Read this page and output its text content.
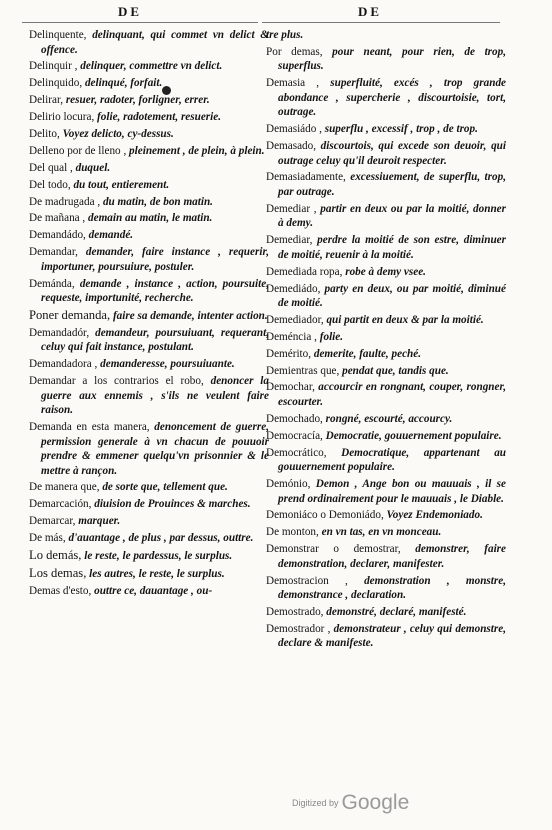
DE	DE
Delinquente, delinquant, qui commet vn delict & offence.
Delinquir , delinquer, commettre vn delict.
Delinquido, delinqué, forfait.
Delirar, resuer, radoter, forligner, errer.
Delirio locura, folie, radotement, resuerie.
Delito, Voyez delicto, cy-dessus.
Delleno por de lleno , pleinement , de plein, à plein.
Del qual , duquel.
Del todo, du tout, entierement.
De madrugada , du matin, de bon matin.
De mañana , demain au matin, le matin.
Demandádo, demandé.
Demandar, demander, faire instance , requerir, importuner, poursuiure, postuler.
Demánda, demande , instance , action, poursuite, requeste, importunité, recherche.
Poner demanda, faire sa demande, intenter action.
Demandadór, demandeur, poursuiuant, requerant, celuy qui fait instance, postulant.
Demandadora , demanderesse, poursuiuante.
Demandar a los contrarios el robo, denoncer la guerre aux ennemis , s'ils ne veulent faire raison.
Demanda en esta manera, denoncement de guerre, permission generale à vn chacun de pouuoir prendre & emmener quelqu'vn prisonnier & le mettre à rançon.
De manera que, de sorte que, tellement que.
Demarcación, diuision de Prouinces & marches.
Demarcar, marquer.
De más, d'auantage , de plus , par dessus, outtre.
Lo demás, le reste, le pardessus, le surplus.
Los demas, les autres, le reste, le surplus.
Demas d'esto, outtre ce, dauantage , ou-
tre plus.
Por demas, pour neant, pour rien, de trop, superflus.
Demasia , superfluité, excés , trop grande abondance , supercherie , discourtoisie, tort, outrage.
Demasiádo , superflu , excessif , trop , de trop.
Demasado, discourtois, qui excede son deuoir, qui outrage celuy qu'il deuroit respecter.
Demasiadamente, excessiuement, de superflu, trop, par outrage.
Demediar , partir en deux ou par la moitié, donner à demy.
Demediar, perdre la moitié de son estre, diminuer de moitié, reuenir à la moitié.
Demediada ropa, robe à demy vsee.
Demediádo, party en deux, ou par moitié, diminué de moitié.
Demediador, qui partit en deux & par la moitié.
Deméncia , folie.
Demérito, demerite, faulte, peché.
Demientras que, pendat que, tandis que.
Demochar, accourcir en rongnant, couper, rongner, escourter.
Demochado, rongné, escourté, accourcy.
Democracía, Democratie, gouuernement populaire.
Democrático, Democratique, appartenant au gouuernement populaire.
Demónio, Demon , Ange bon ou mauuais , il se prend ordinairement pour le mauuais , le Diable.
Demoniáco o Demoniádo, Voyez Endemoniado.
De monton, en vn tas, en vn monceau.
Demonstrar o demostrar, demonstrer, faire demonstration, declarer, manifester.
Demostracion , demonstration , monstre, demonstrance , declaration.
Demostrado, demonstré, declaré, manifesté.
Demostrador , demonstrateur , celuy qui demonstre, declare & manifeste.
Digitized by Google
